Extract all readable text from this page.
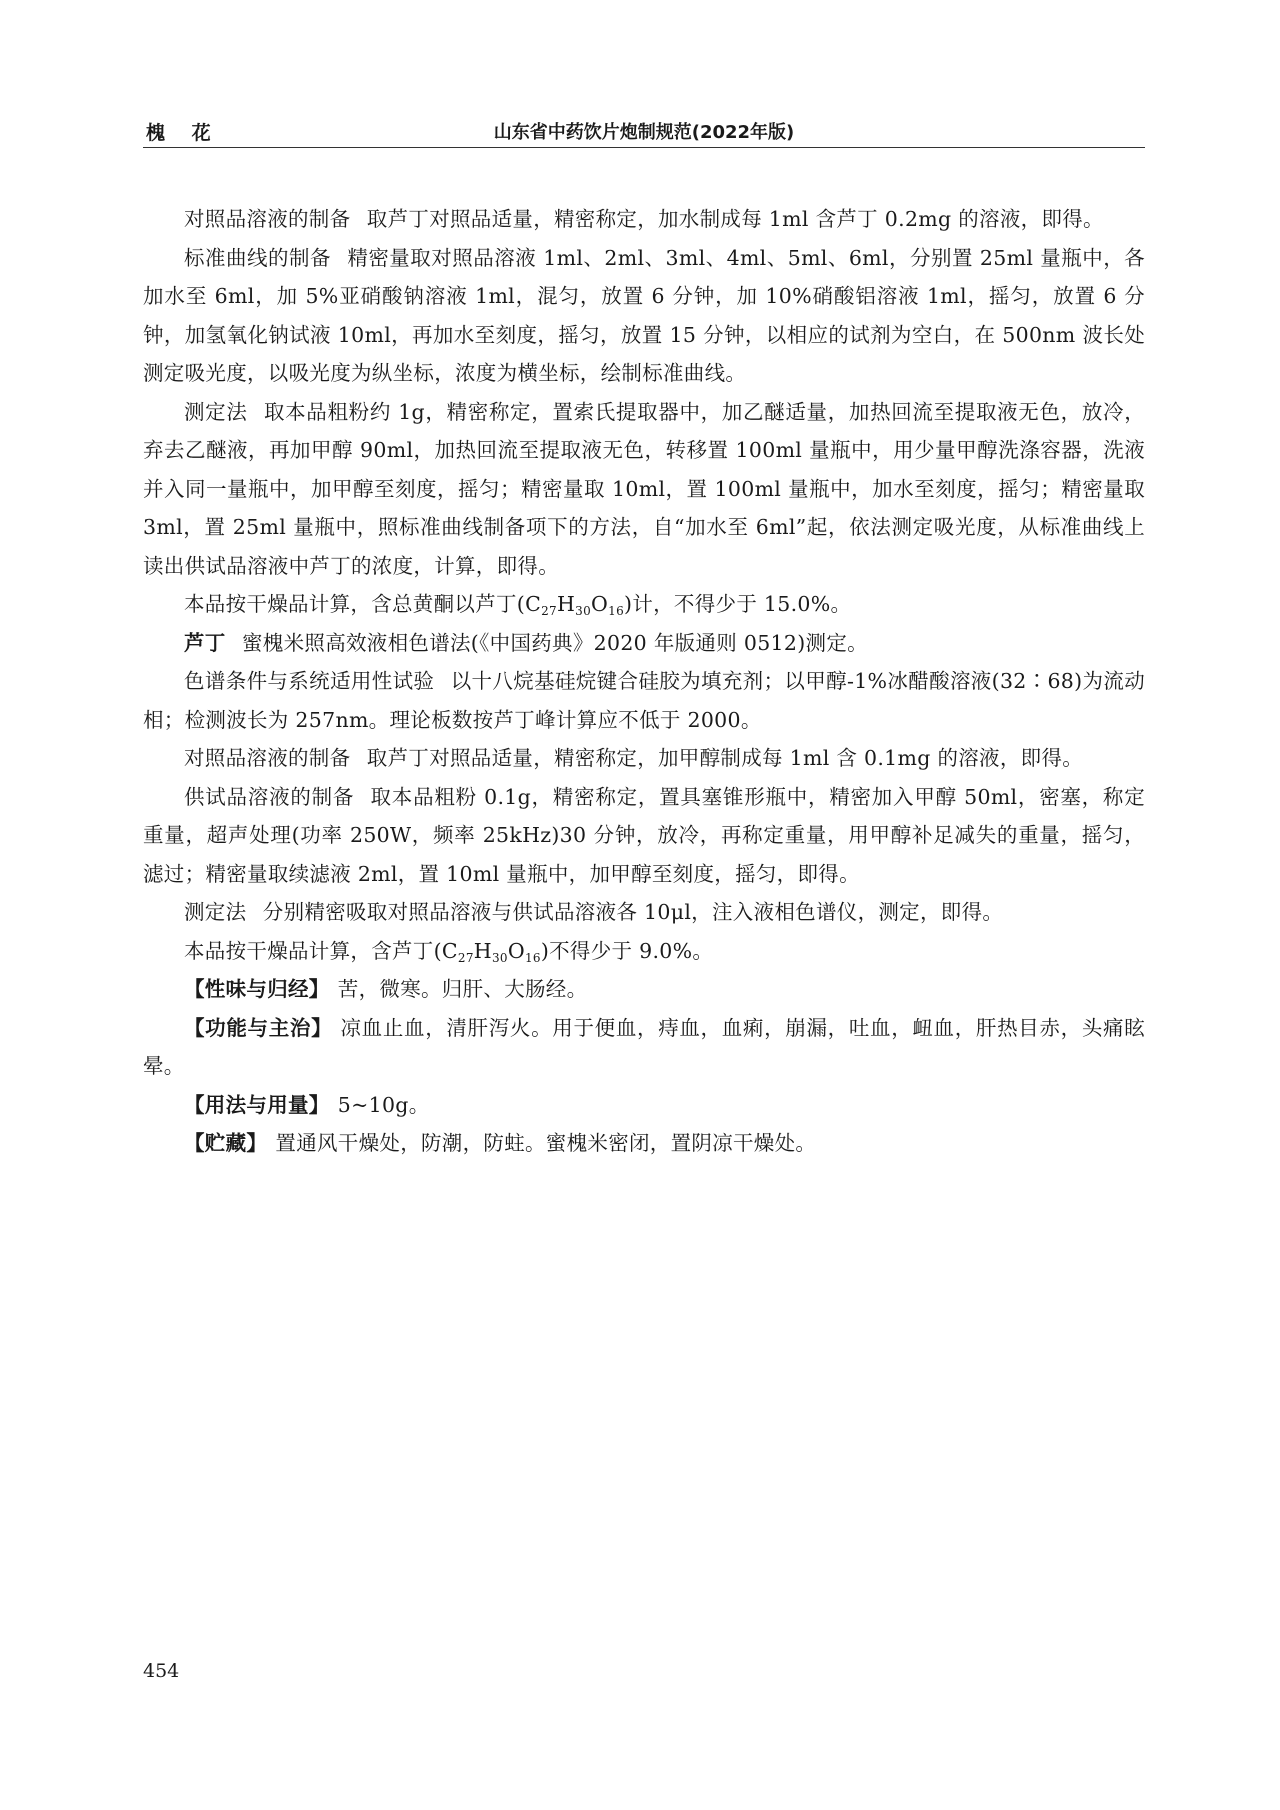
槐 花	山东省中药饮片炮制规范(2022年版)

对照品溶液的制备 取芦丁对照品适量，精密称定，加水制成每 1ml 含芦丁 0.2mg 的溶液，即得。

标准曲线的制备 精密量取对照品溶液 1ml、2ml、3ml、4ml、5ml、6ml，分别置 25ml 量瓶中，各加水至 6ml，加 5%亚硝酸钠溶液 1ml，混匀，放置 6 分钟，加 10%硝酸铝溶液 1ml，摇匀，放置 6 分钟，加氢氧化钠试液 10ml，再加水至刻度，摇匀，放置 15 分钟，以相应的试剂为空白，在 500nm 波长处测定吸光度，以吸光度为纵坐标，浓度为横坐标，绘制标准曲线。

测定法 取本品粗粉约 1g，精密称定，置索氏提取器中，加乙醚适量，加热回流至提取液无色，放冷，弃去乙醚液，再加甲醇 90ml，加热回流至提取液无色，转移置 100ml 量瓶中，用少量甲醇洗涤容器，洗液并入同一量瓶中，加甲醇至刻度，摇匀；精密量取 10ml，置 100ml 量瓶中，加水至刻度，摇匀；精密量取 3ml，置 25ml 量瓶中，照标准曲线制备项下的方法，自“加水至 6ml”起，依法测定吸光度，从标准曲线上读出供试品溶液中芦丁的浓度，计算，即得。

本品按干燥品计算，含总黄酮以芦丁$(C_{27}H_{30}O_{16})$计，不得少于 15.0%。

芦丁 蜜槐米照高效液相色谱法(《中国药典》2020 年版通则 0512)测定。

色谱条件与系统适用性试验 以十八烷基硅烷键合硅胶为填充剂；以甲醇-1%冰醋酸溶液(32∶68)为流动相；检测波长为 257nm。理论板数按芦丁峰计算应不低于 2000。

对照品溶液的制备 取芦丁对照品适量，精密称定，加甲醇制成每 1ml 含 0.1mg 的溶液，即得。

供试品溶液的制备 取本品粗粉 0.1g，精密称定，置具塞锥形瓶中，精密加入甲醇 50ml，密塞，称定重量，超声处理(功率 250W，频率 25kHz)30 分钟，放冷，再称定重量，用甲醇补足减失的重量，摇匀，滤过；精密量取续滤液 2ml，置 10ml 量瓶中，加甲醇至刻度，摇匀，即得。

测定法 分别精密吸取对照品溶液与供试品溶液各 10μl，注入液相色谱仪，测定，即得。

本品按干燥品计算，含芦丁$(C_{27}H_{30}O_{16})$不得少于 9.0%。

【性味与归经】 苦，微寒。归肝、大肠经。

【功能与主治】 凉血止血，清肝泻火。用于便血，痔血，血痢，崩漏，吐血，衄血，肝热目赤，头痛眩晕。

【用法与用量】 5~10g。

【贮藏】 置通风干燥处，防潮，防蛀。蜜槐米密闭，置阴凉干燥处。

454
